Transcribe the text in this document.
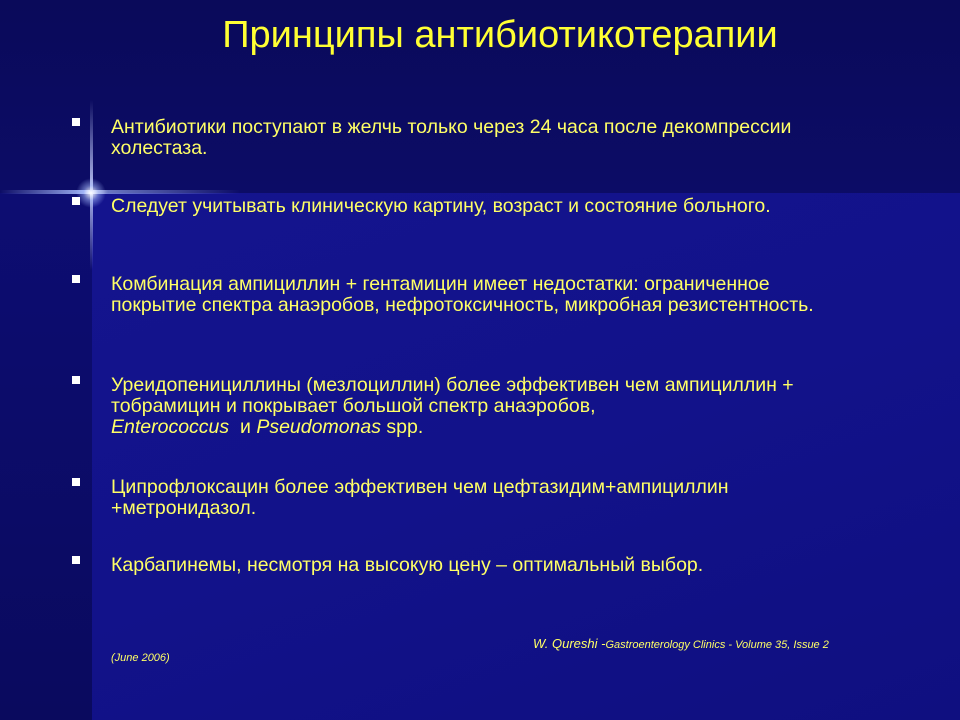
Принципы антибиотикотерапии
Антибиотики поступают в желчь только через 24 часа после декомпрессии холестаза.
Следует учитывать клиническую картину, возраст и состояние больного.
Комбинация ампициллин + гентамицин имеет недостатки: ограниченное покрытие спектра анаэробов, нефротоксичность, микробная резистентность.
Уреидопенициллины (мезлоциллин) более эффективен чем ампициллин + тобрамицин и покрывает большой спектр анаэробов,
Enterococcus  и Pseudomonas spp.
Ципрофлоксацин более эффективен чем цефтазидим+ампициллин +метронидазол.
Карбапинемы, несмотря на высокую цену – оптимальный выбор.
W. Qureshi -Gastroenterology Clinics - Volume 35, Issue 2
(June 2006)
